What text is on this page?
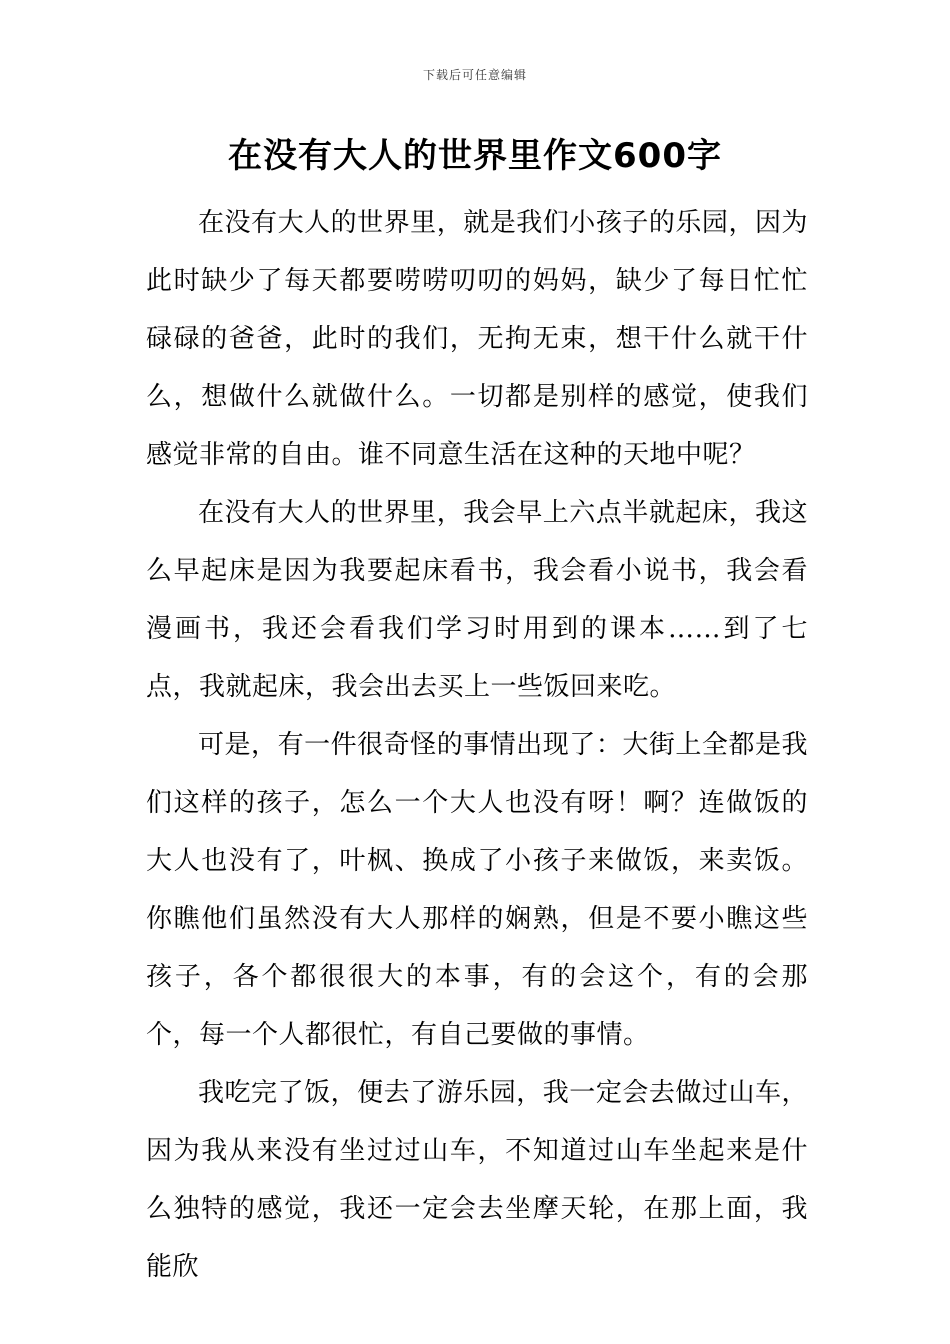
下载后可任意编辑
在没有大人的世界里作文600字

在没有大人的世界里，就是我们小孩子的乐园，因为此时缺少了每天都要唠唠叨叨的妈妈，缺少了每日忙忙碌碌的爸爸，此时的我们，无拘无束，想干什么就干什么，想做什么就做什么。一切都是别样的感觉，使我们感觉非常的自由。谁不同意生活在这种的天地中呢？

在没有大人的世界里，我会早上六点半就起床，我这么早起床是因为我要起床看书，我会看小说书，我会看漫画书，我还会看我们学习时用到的课本……到了七点，我就起床，我会出去买上一些饭回来吃。

可是，有一件很奇怪的事情出现了：大街上全都是我们这样的孩子，怎么一个大人也没有呀！啊？连做饭的大人也没有了，叶枫、换成了小孩子来做饭，来卖饭。你瞧他们虽然没有大人那样的娴熟，但是不要小瞧这些孩子，各个都很很大的本事，有的会这个，有的会那个，每一个人都很忙，有自己要做的事情。

我吃完了饭，便去了游乐园，我一定会去做过山车，因为我从来没有坐过过山车，不知道过山车坐起来是什么独特的感觉，我还一定会去坐摩天轮，在那上面，我能欣
